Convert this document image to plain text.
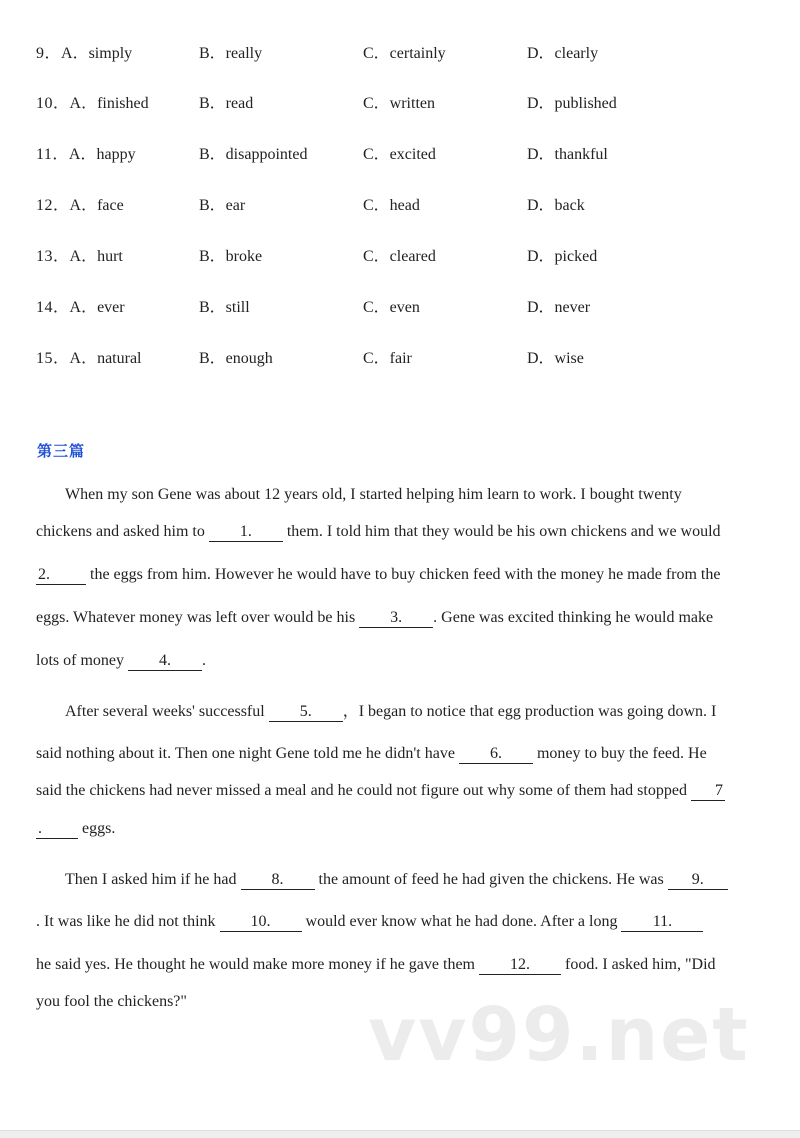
9．A．simply	B．really	C．certainly	D．clearly
10．A．finished	B．read	C．written	D．published
11．A．happy	B．disappointed	C．excited	D．thankful
12．A．face	B．ear	C．head	D．back
13．A．hurt	B．broke	C．cleared	D．picked
14．A．ever	B．still	C．even	D．never
15．A．natural	B．enough	C．fair	D．wise
第三篇
When my son Gene was about 12 years old, I started helping him learn to work. I bought twenty
chickens and asked him to 1. them. I told him that they would be his own chickens and we would
2. the eggs from him. However he would have to buy chicken feed with the money he made from the
eggs. Whatever money was left over would be his 3. . Gene was excited thinking he would make
lots of money 4. .
After several weeks' successful 5. ，I began to notice that egg production was going down. I
said nothing about it. Then one night Gene told me he didn't have 6. money to buy the feed. He
said the chickens had never missed a meal and he could not figure out why some of them had stopped 7
. eggs.
Then I asked him if he had 8. the amount of feed he had given the chickens. He was 9.
. It was like he did not think 10. would ever know what he had done. After a long 11.
he said yes. He thought he would make more money if he gave them 12. food. I asked him, "Did
you fool the chickens?"	vv99.net
